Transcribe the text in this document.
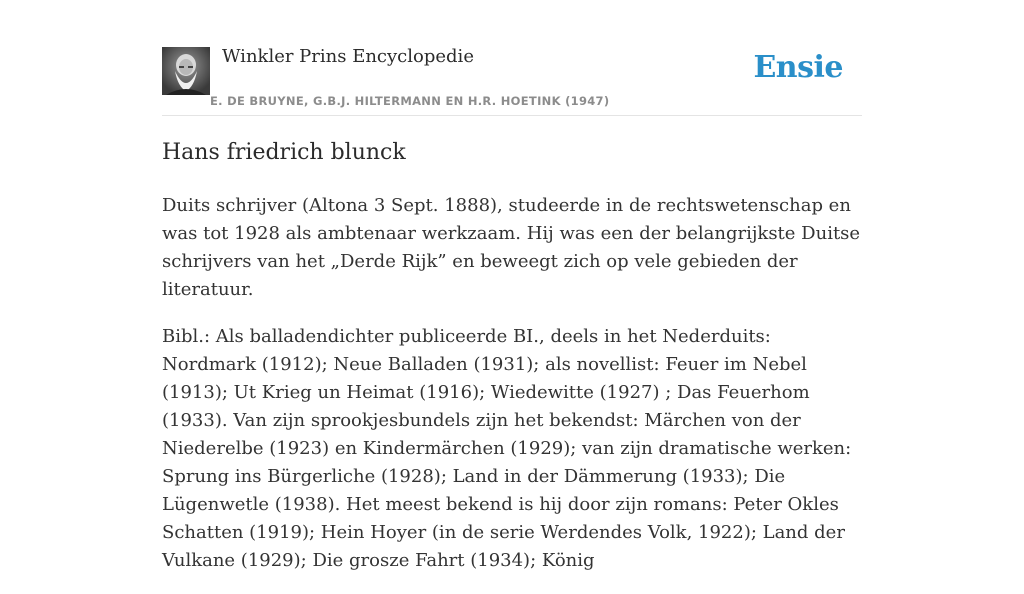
Winkler Prins Encyclopedie
E. DE BRUYNE, G.B.J. HILTERMANN EN H.R. HOETINK (1947)
Ensie
Hans friedrich blunck

Duits schrijver (Altona 3 Sept. 1888), studeerde in de rechtswetenschap en was tot 1928 als ambtenaar werkzaam. Hij was een der belangrijkste Duitse schrijvers van het „Derde Rijk” en beweegt zich op vele gebieden der literatuur.

Bibl.: Als balladendichter publiceerde BI., deels in het Nederduits: Nordmark (1912); Neue Balladen (1931); als novellist: Feuer im Nebel (1913); Ut Krieg un Heimat (1916); Wiedewitte (1927) ; Das Feuerhom (1933). Van zijn sprookjesbundels zijn het bekendst: Märchen von der Niederelbe (1923) en Kindermärchen (1929); van zijn dramatische werken: Sprung ins Bürgerliche (1928); Land in der Dämmerung (1933); Die Lügenwetle (1938). Het meest bekend is hij door zijn romans: Peter Okles Schatten (1919); Hein Hoyer (in de serie Werdendes Volk, 1922); Land der Vulkane (1929); Die grosze Fahrt (1934); König
